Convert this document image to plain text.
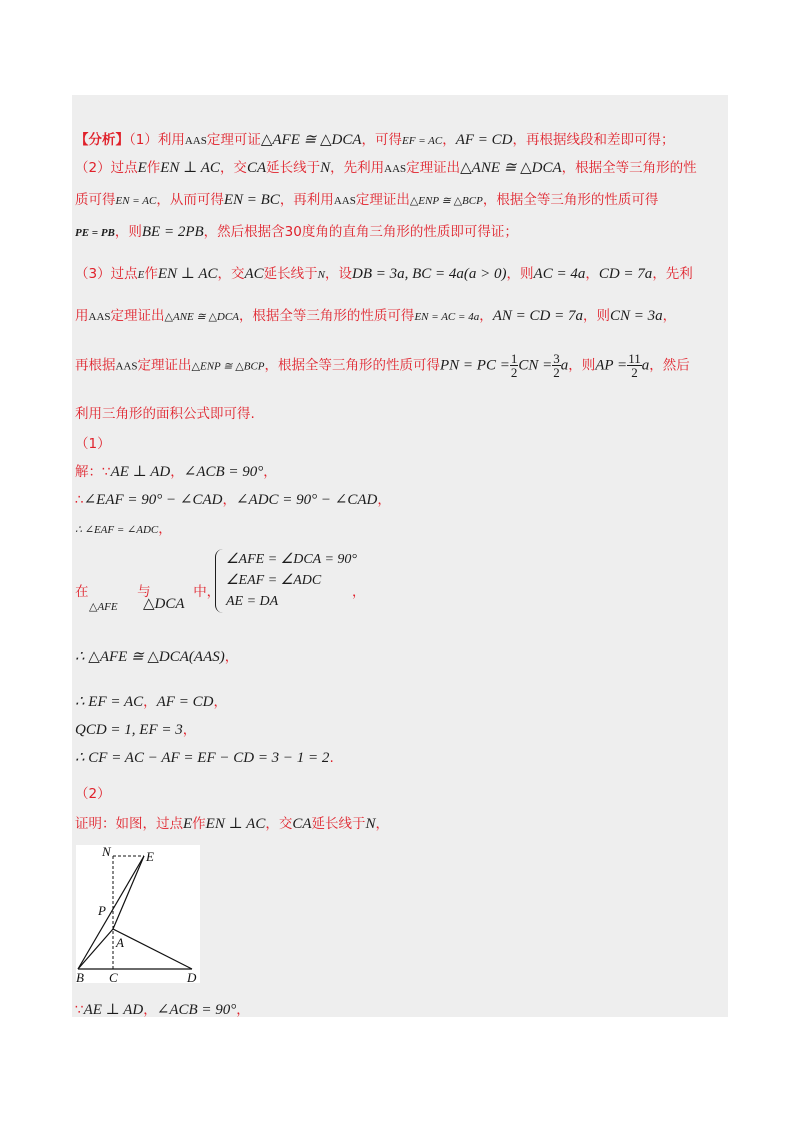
【分析】（1）利用AAS定理可证△AFE ≅ △DCA，可得EF = AC，AF = CD，再根据线段和差即可得；
（2）过点E作EN ⊥ AC，交CA延长线于N，先利用AAS定理证出△ANE ≅ △DCA，根据全等三角形的性
质可得EN = AC，从而可得EN = BC，再利用AAS定理证出△ENP ≅ △BCP，根据全等三角形的性质可得
PE = PB，则BE = 2PB，然后根据含30度角的直角三角形的性质即可得证；
（3）过点E作EN ⊥ AC，交AC延长线于N，设DB = 3a, BC = 4a(a > 0)，则AC = 4a，CD = 7a，先利
用AAS定理证出△ANE ≅ △DCA，根据全等三角形的性质可得EN = AC = 4a，AN = CD = 7a，则CN = 3a，
再根据AAS定理证出△ENP ≅ △BCP，根据全等三角形的性质可得PN = PC = $\frac{1}{2}$ CN = $\frac{3}{2}$ a，则AP = $\frac{11}{2}$ a，然后
利用三角形的面积公式即可得.
（1）
解：∵AE ⊥ AD，∠ACB = 90°，
∴∠EAF = 90° − ∠CAD，∠ADC = 90° − ∠CAD，
∴ ∠EAF = ∠ADC，
在	与	中，
△AFE △DCA
∠AFE = ∠DCA = 90°
∠EAF = ∠ADC
AE = DA
，
∴ △AFE ≅ △DCA(AAS)，
∴ EF = AC，AF = CD，
QCD = 1, EF = 3，
∴ CF = AC − AF = EF − CD = 3 − 1 = 2.
（2）
证明：如图，过点E作EN ⊥ AC，交CA延长线于N，
N	E
P
A
B C	D
∵AE ⊥ AD，∠ACB = 90°，
